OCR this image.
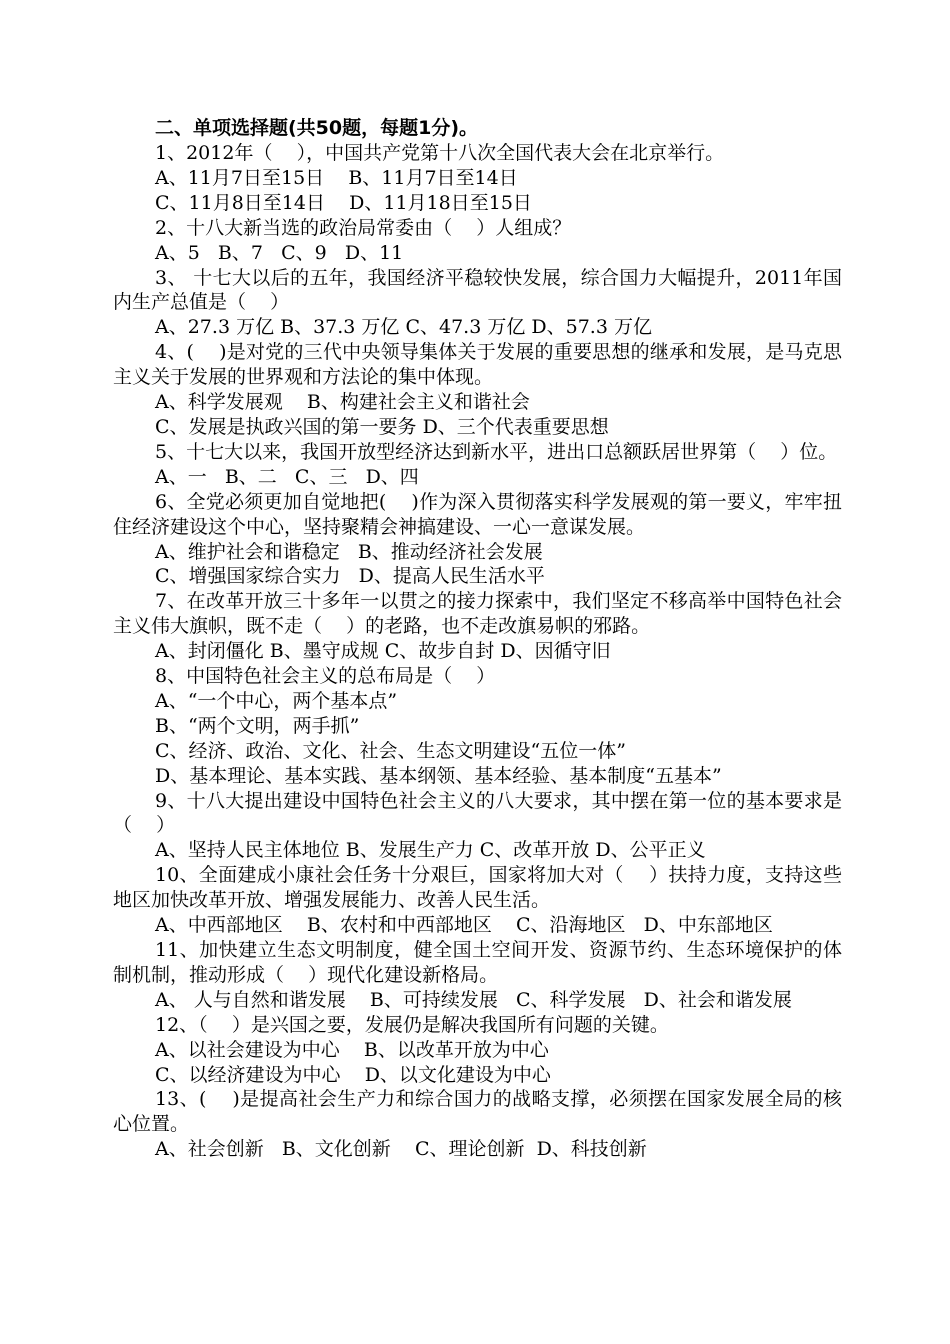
二、单项选择题(共50题，每题1分)。

1、2012年（    ），中国共产党第十八次全国代表大会在北京举行。

A、11月7日至15日    B、11月7日至14日

C、11月8日至14日    D、11月18日至15日

2、十八大新当选的政治局常委由（    ）人组成？

A、5   B、7   C、9   D、11

3、 十七大以后的五年，我国经济平稳较快发展，综合国力大幅提升，2011年国内生产总值是（    ）

A、27.3 万亿 B、37.3 万亿 C、47.3 万亿 D、57.3 万亿

4、(    )是对党的三代中央领导集体关于发展的重要思想的继承和发展，是马克思主义关于发展的世界观和方法论的集中体现。

A、科学发展观    B、构建社会主义和谐社会

C、发展是执政兴国的第一要务 D、三个代表重要思想

5、十七大以来，我国开放型经济达到新水平，进出口总额跃居世界第（    ）位。

A、一   B、二   C、三   D、四

6、全党必须更加自觉地把(    )作为深入贯彻落实科学发展观的第一要义，牢牢扭住经济建设这个中心，坚持聚精会神搞建设、一心一意谋发展。

A、维护社会和谐稳定   B、推动经济社会发展

C、增强国家综合实力   D、提高人民生活水平

7、在改革开放三十多年一以贯之的接力探索中，我们坚定不移高举中国特色社会主义伟大旗帜，既不走（    ）的老路，也不走改旗易帜的邪路。

A、封闭僵化 B、墨守成规 C、故步自封 D、因循守旧

8、中国特色社会主义的总布局是（    ）

A、“一个中心，两个基本点”

B、“两个文明，两手抓”

C、经济、政治、文化、社会、生态文明建设“五位一体”

D、基本理论、基本实践、基本纲领、基本经验、基本制度“五基本”

9、十八大提出建设中国特色社会主义的八大要求，其中摆在第一位的基本要求是（    ）

A、坚持人民主体地位 B、发展生产力 C、改革开放 D、公平正义

10、全面建成小康社会任务十分艰巨，国家将加大对（    ）扶持力度，支持这些地区加快改革开放、增强发展能力、改善人民生活。

A、中西部地区    B、农村和中西部地区    C、沿海地区   D、中东部地区

11、加快建立生态文明制度，健全国土空间开发、资源节约、生态环境保护的体制机制，推动形成（    ）现代化建设新格局。

A、 人与自然和谐发展    B、可持续发展   C、科学发展   D、社会和谐发展

12、（    ）是兴国之要，发展仍是解决我国所有问题的关键。

A、以社会建设为中心    B、以改革开放为中心

C、以经济建设为中心    D、以文化建设为中心

13、(    )是提高社会生产力和综合国力的战略支撑，必须摆在国家发展全局的核心位置。

A、社会创新   B、文化创新    C、理论创新  D、科技创新
